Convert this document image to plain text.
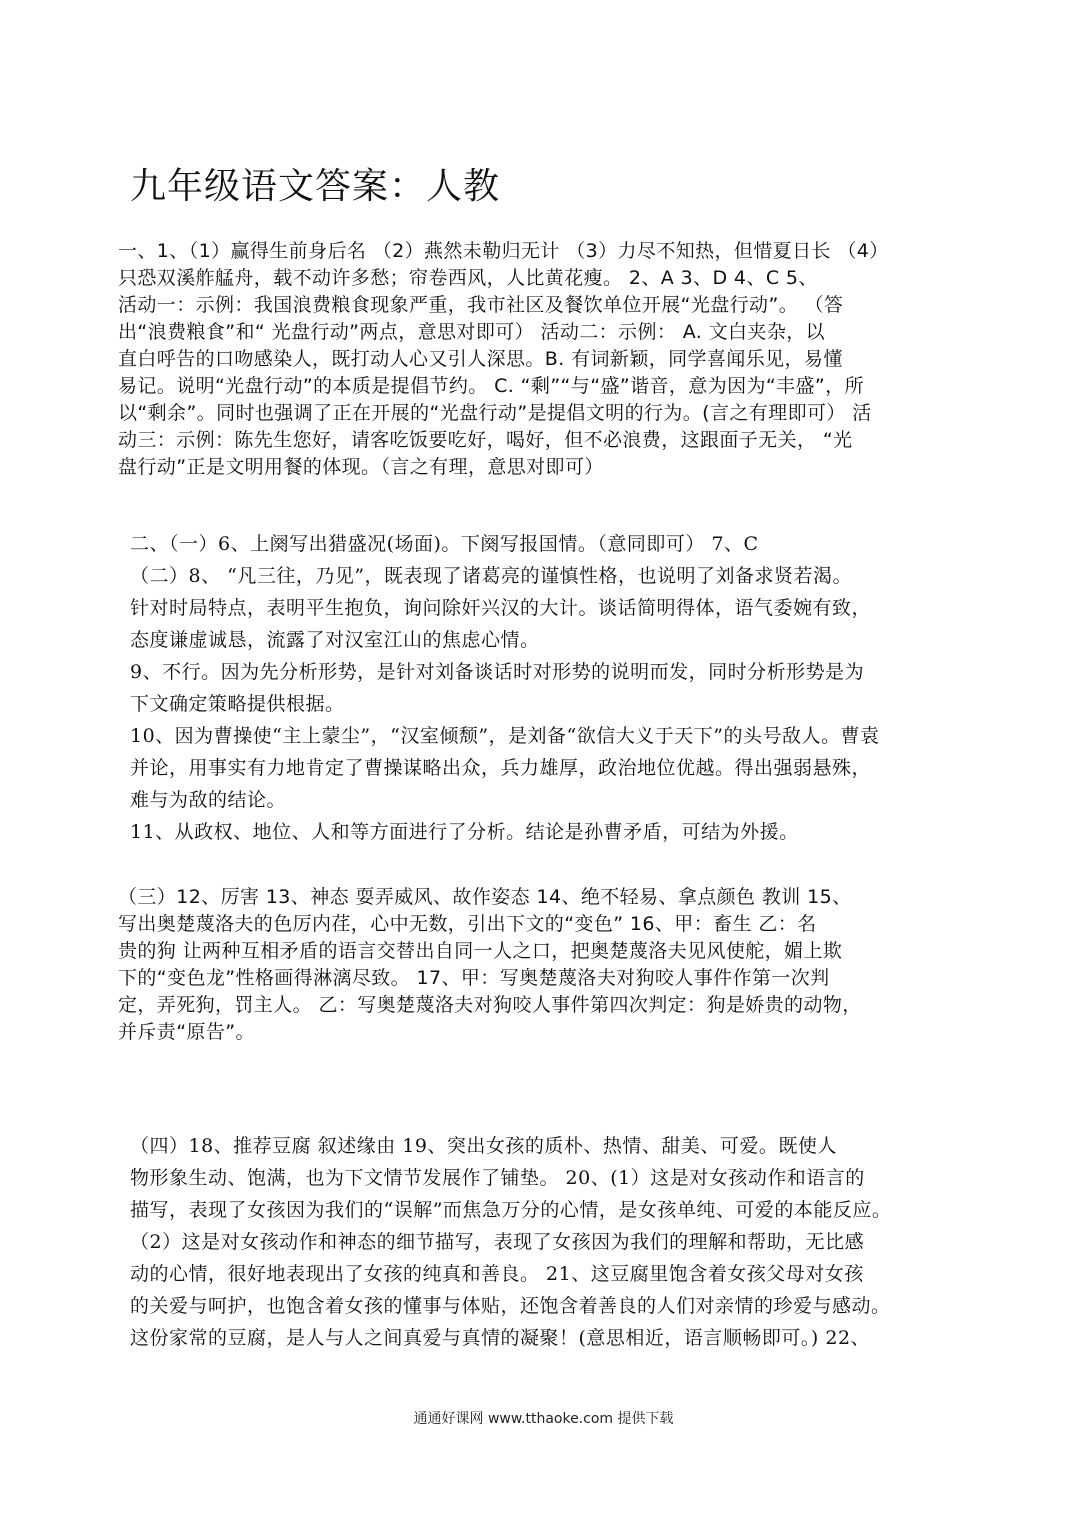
九年级语文答案：人教
一、1、（1）赢得生前身后名 （2）燕然未勒归无计 （3）力尽不知热，但惜夏日长 （4）
只恐双溪舴艋舟，载不动许多愁；帘卷西风，人比黄花瘦。 2、A 3、D 4、C 5、
活动一：示例：我国浪费粮食现象严重，我市社区及餐饮单位开展“光盘行动”。 （答
出“浪费粮食”和“ 光盘行动”两点，意思对即可） 活动二：示例： A. 文白夹杂，以
直白呼告的口吻感染人，既打动人心又引人深思。B. 有词新颖，同学喜闻乐见，易懂
易记。说明“光盘行动”的本质是提倡节约。 C. “剩”“与“盛”谐音，意为因为“丰盛”，所
以“剩余”。同时也强调了正在开展的“光盘行动”是提倡文明的行为。(言之有理即可） 活
动三：示例：陈先生您好，请客吃饭要吃好，喝好，但不必浪费，这跟面子无关， “光
盘行动”正是文明用餐的体现。（言之有理，意思对即可）
二、（一）6、上阕写出猎盛况(场面)。下阕写报国情。（意同即可） 7、C
（二）8、 “凡三往，乃见”，既表现了诸葛亮的谨慎性格，也说明了刘备求贤若渴。
针对时局特点，表明平生抱负，询问除奸兴汉的大计。谈话简明得体，语气委婉有致，
态度谦虚诚恳，流露了对汉室江山的焦虑心情。
9、不行。因为先分析形势，是针对刘备谈话时对形势的说明而发，同时分析形势是为
下文确定策略提供根据。
10、因为曹操使“主上蒙尘”，“汉室倾颓”，是刘备“欲信大义于天下”的头号敌人。曹袁
并论，用事实有力地肯定了曹操谋略出众，兵力雄厚，政治地位优越。得出强弱悬殊，
难与为敌的结论。
11、从政权、地位、人和等方面进行了分析。结论是孙曹矛盾，可结为外援。
（三）12、厉害 13、神态 耍弄威风、故作姿态 14、绝不轻易、拿点颜色 教训 15、
写出奥楚蔑洛夫的色厉内荏，心中无数，引出下文的“变色” 16、甲：畜生 乙：名
贵的狗 让两种互相矛盾的语言交替出自同一人之口，把奥楚蔑洛夫见风使舵，媚上欺
下的“变色龙”性格画得淋漓尽致。 17、甲：写奥楚蔑洛夫对狗咬人事件作第一次判
定，弄死狗，罚主人。 乙：写奥楚蔑洛夫对狗咬人事件第四次判定：狗是娇贵的动物，
并斥责“原告”。
（四）18、推荐豆腐 叙述缘由 19、突出女孩的质朴、热情、甜美、可爱。既使人
物形象生动、饱满，也为下文情节发展作了铺垫。 20、(1）这是对女孩动作和语言的
描写，表现了女孩因为我们的“误解”而焦急万分的心情，是女孩单纯、可爱的本能反应。
（2）这是对女孩动作和神态的细节描写，表现了女孩因为我们的理解和帮助，无比感
动的心情，很好地表现出了女孩的纯真和善良。 21、这豆腐里饱含着女孩父母对女孩
的关爱与呵护，也饱含着女孩的懂事与体贴，还饱含着善良的人们对亲情的珍爱与感动。
这份家常的豆腐，是人与人之间真爱与真情的凝聚！(意思相近，语言顺畅即可。) 22、
通通好课网 www.tthaoke.com 提供下载
